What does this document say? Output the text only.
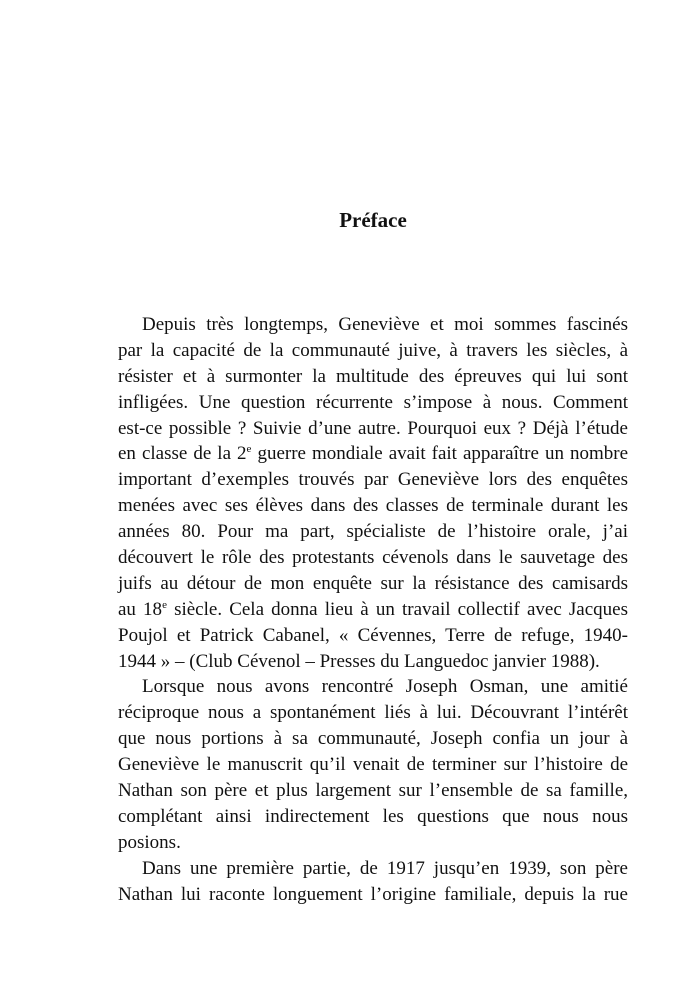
Préface
Depuis très longtemps, Geneviève et moi sommes fascinés
par la capacité de la communauté juive, à travers les siècles, à
résister et à surmonter la multitude des épreuves qui lui sont
infligées. Une question récurrente s’impose à nous. Comment
est-ce possible ? Suivie d’une autre. Pourquoi eux ? Déjà l’étude
en classe de la 2e guerre mondiale avait fait apparaître un nombre
important d’exemples trouvés par Geneviève lors des enquêtes
menées avec ses élèves dans des classes de terminale durant les
années 80. Pour ma part, spécialiste de l’histoire orale, j’ai
découvert le rôle des protestants cévenols dans le sauvetage des
juifs au détour de mon enquête sur la résistance des camisards
au 18e siècle. Cela donna lieu à un travail collectif avec Jacques
Poujol et Patrick Cabanel, « Cévennes, Terre de refuge, 1940-
1944 » – (Club Cévenol – Presses du Languedoc janvier 1988).
Lorsque nous avons rencontré Joseph Osman, une amitié
réciproque nous a spontanément liés à lui. Découvrant l’intérêt
que nous portions à sa communauté, Joseph confia un jour à
Geneviève le manuscrit qu’il venait de terminer sur l’histoire de
Nathan son père et plus largement sur l’ensemble de sa famille,
complétant ainsi indirectement les questions que nous nous
posions.
Dans une première partie, de 1917 jusqu’en 1939, son père
Nathan lui raconte longuement l’origine familiale, depuis la rue
